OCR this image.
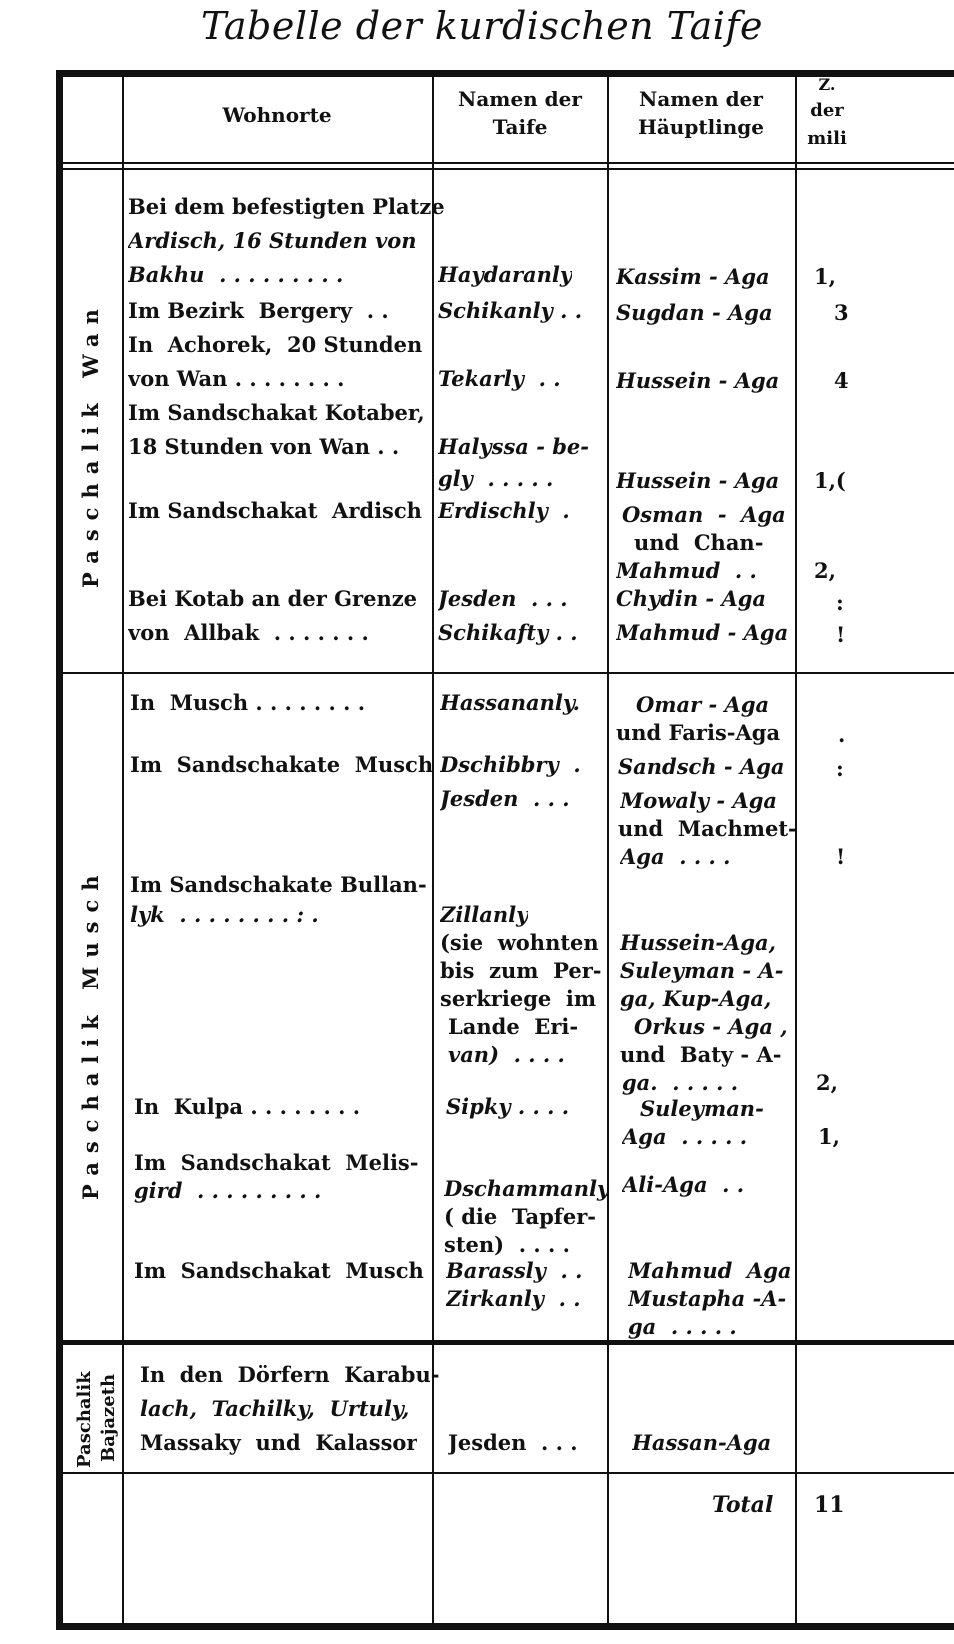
Tabelle der kurdischen Taife
Wohnorte
Namen der
Taife
Namen der
Häuptlinge
Z.
der
mili
Paschalik Wan
Paschalik Musch
Paschalik Bajazeth
Bei dem befestigten Platze
Ardisch, 16 Stunden von
Bakhu  . . . . . . . . .
Im Bezirk  Bergery  . .
In  Achorek,  20 Stunden
von Wan . . . . . . . .
Im Sandschakat Kotaber,
18 Stunden von Wan . .
Im Sandschakat  Ardisch
Bei Kotab an der Grenze
von  Allbak  . . . . . . .
Haydaranly
Schikanly . .
Tekarly  . .
Halyssa - be-
gly  . . . . .
Erdischly  .
Jesden  . . .
Schikafty . .
Kassim - Aga
Sugdan - Aga
Hussein - Aga
Hussein - Aga
Osman  -  Aga
und  Chan-
Mahmud  . .
Chydin - Aga
Mahmud - Aga
1,
3
4
1,(
2,
:
!
In  Musch . . . . . . . .
Im  Sandschakate  Musch
Im Sandschakate Bullan-
lyk  . . . . . . . . : .
In  Kulpa . . . . . . . .
Im  Sandschakat  Melis-
gird  . . . . . . . . .
Im  Sandschakat  Musch
Hassananly.
Dschibbry  .
Jesden  . . .
Zillanly
(sie  wohnten
bis  zum  Per-
serkriege  im
Lande  Eri-
van)  . . . .
Sipky . . . .
Dschammanly
( die  Tapfer-
sten)  . . . .
Barassly  . .
Zirkanly  . .
Omar - Aga
und Faris-Aga
Sandsch - Aga
Mowaly - Aga
und  Machmet-
Aga  . . . .
Hussein-Aga,
Suleyman - A-
ga, Kup-Aga,
Orkus - Aga ,
und  Baty - A-
ga.  . . . . .
Suleyman-
Aga  . . . . .
Ali-Aga  . .
Mahmud  Aga
Mustapha -A-
ga  . . . . .
.
:
!
2,
1,
In  den  Dörfern  Karabu-
lach,  Tachilky,  Urtuly,
Massaky  und  Kalassor Jesden  . . .	Hassan-Aga
Total 11
